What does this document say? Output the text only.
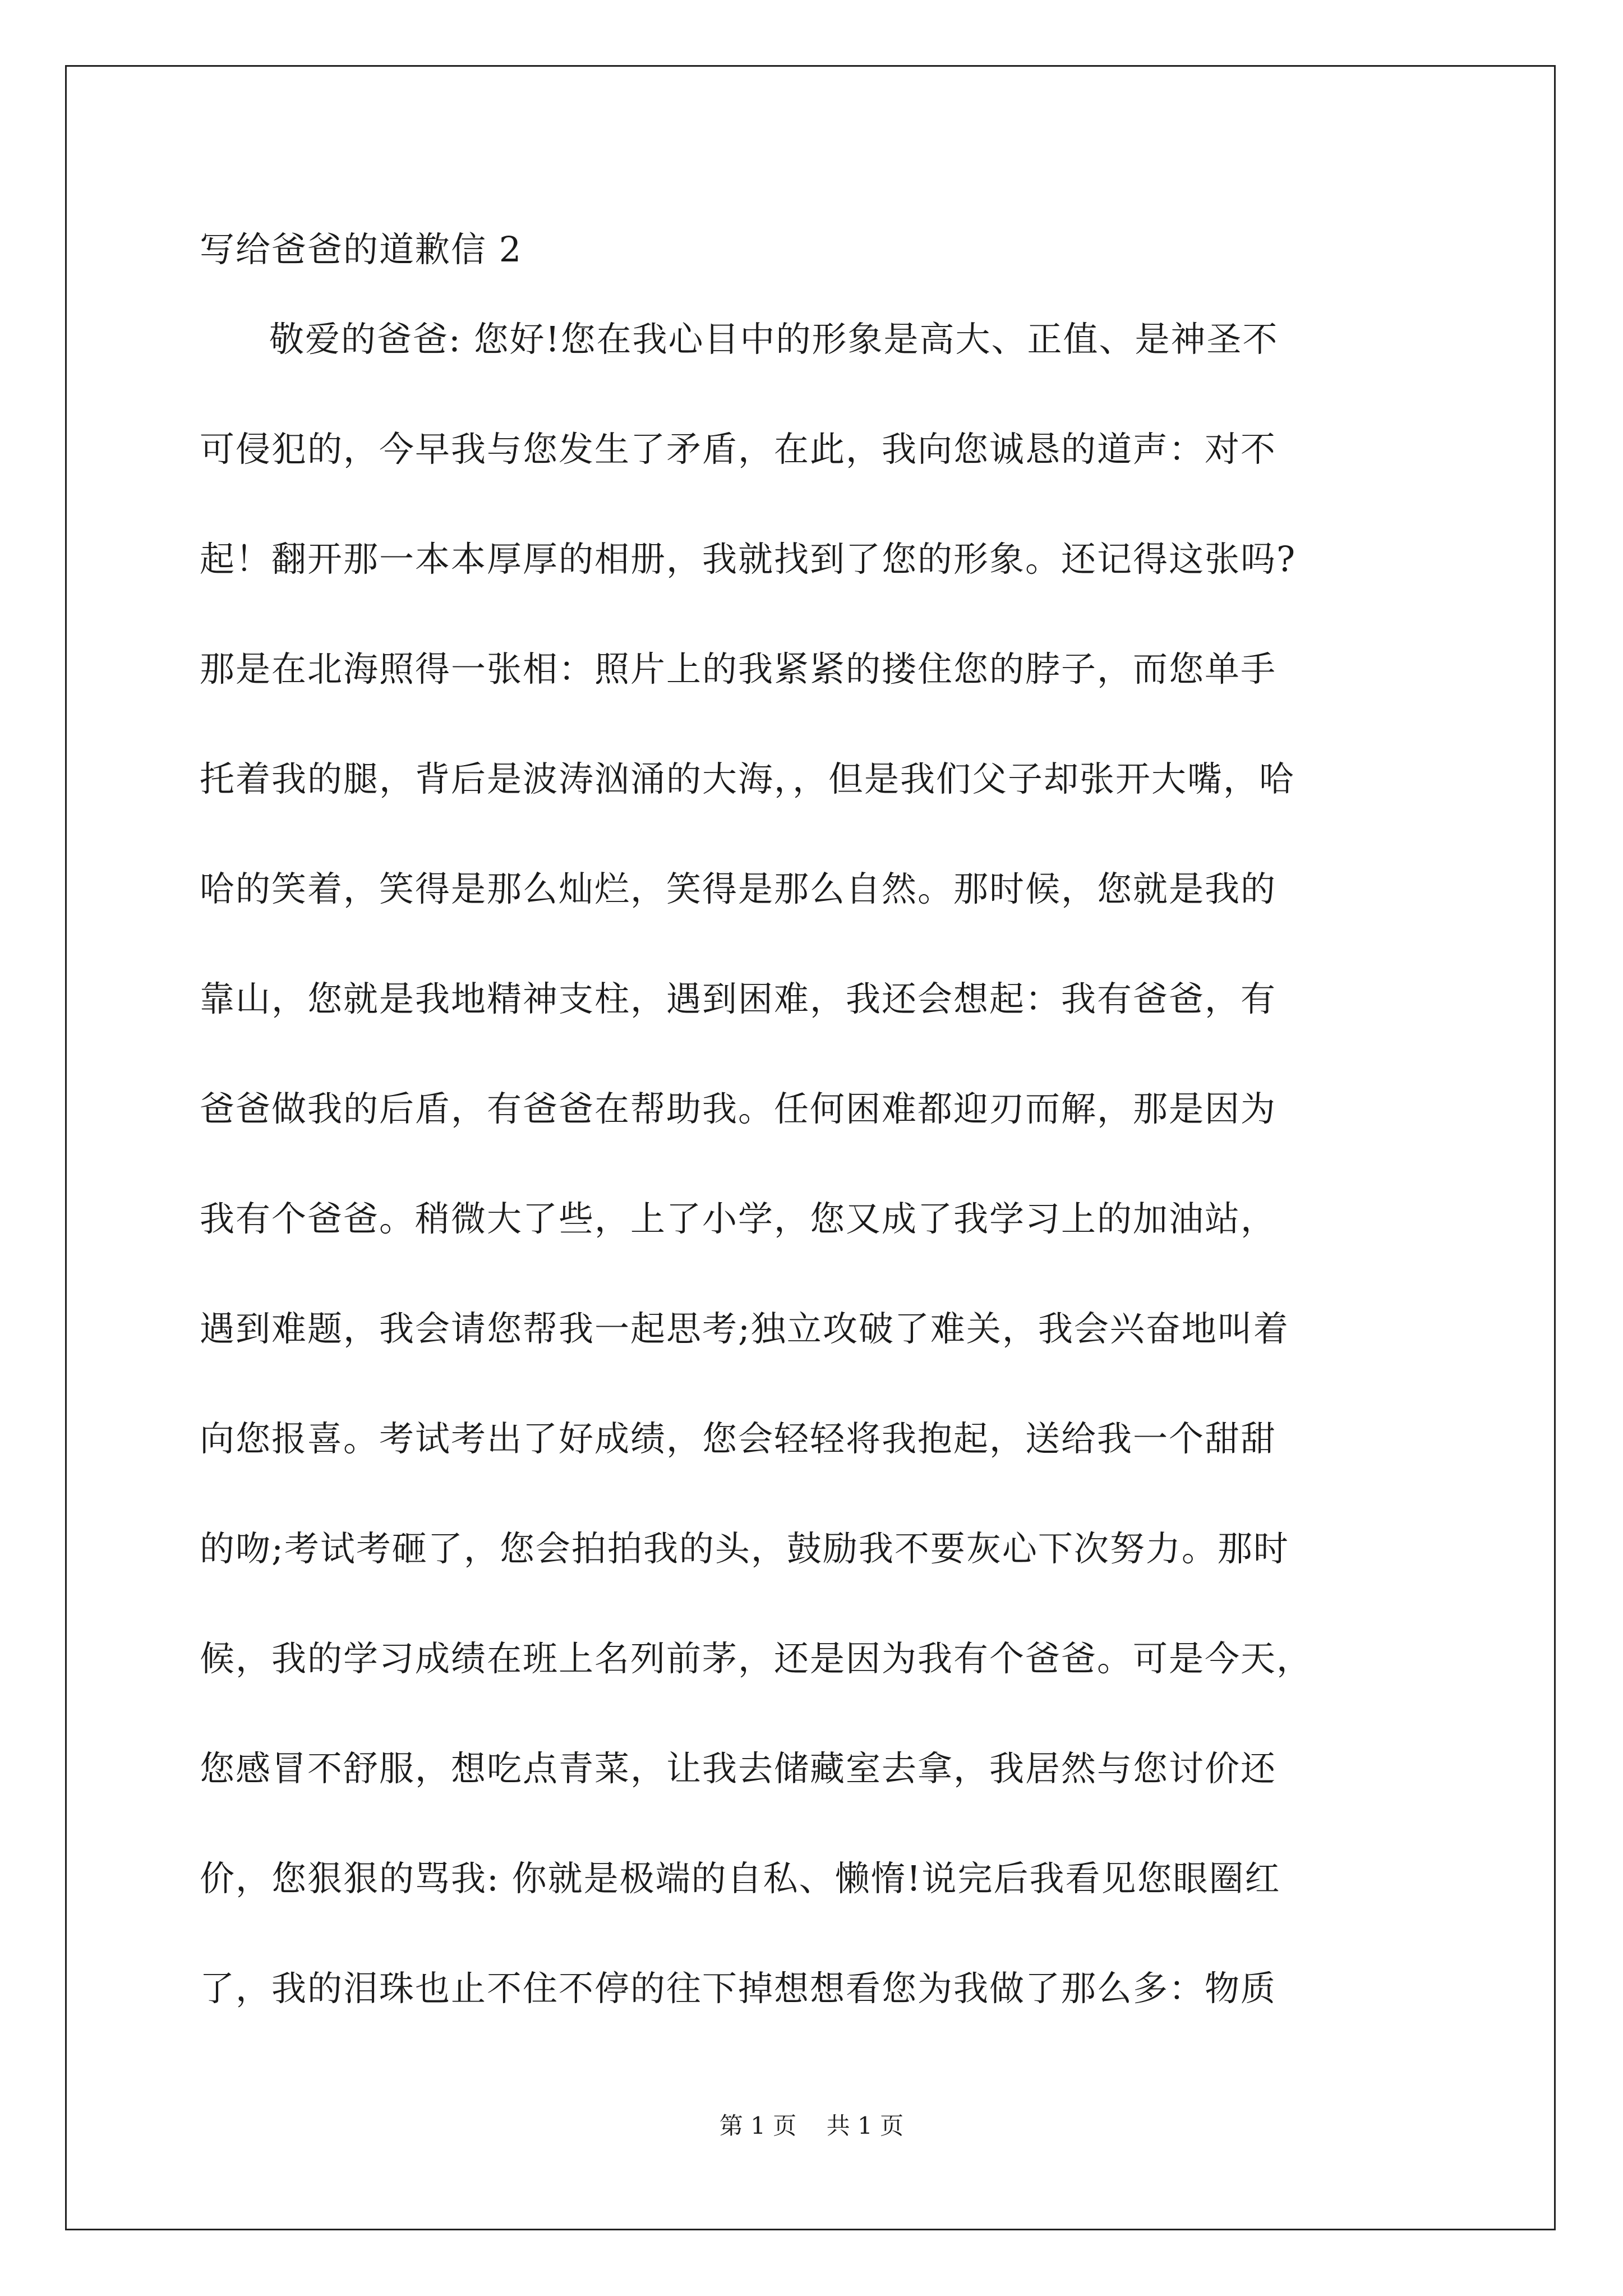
写给爸爸的道歉信 2
敬爱的爸爸: 您好!您在我心目中的形象是高大、正值、是神圣不
可侵犯的，今早我与您发生了矛盾，在此，我向您诚恳的道声：对不
起！翻开那一本本厚厚的相册，我就找到了您的形象。还记得这张吗?
那是在北海照得一张相：照片上的我紧紧的搂住您的脖子，而您单手
托着我的腿，背后是波涛汹涌的大海，，但是我们父子却张开大嘴，哈
哈的笑着，笑得是那么灿烂，笑得是那么自然。那时候，您就是我的
靠山，您就是我地精神支柱，遇到困难，我还会想起：我有爸爸，有
爸爸做我的后盾，有爸爸在帮助我。任何困难都迎刃而解，那是因为
我有个爸爸。稍微大了些，上了小学，您又成了我学习上的加油站，
遇到难题，我会请您帮我一起思考;独立攻破了难关，我会兴奋地叫着
向您报喜。考试考出了好成绩，您会轻轻将我抱起，送给我一个甜甜
的吻;考试考砸了，您会拍拍我的头，鼓励我不要灰心下次努力。那时
候，我的学习成绩在班上名列前茅，还是因为我有个爸爸。可是今天，
您感冒不舒服，想吃点青菜，让我去储藏室去拿，我居然与您讨价还
价，您狠狠的骂我: 你就是极端的自私、懒惰!说完后我看见您眼圈红
了，我的泪珠也止不住不停的往下掉想想看您为我做了那么多：物质
第 1 页 共 1 页
